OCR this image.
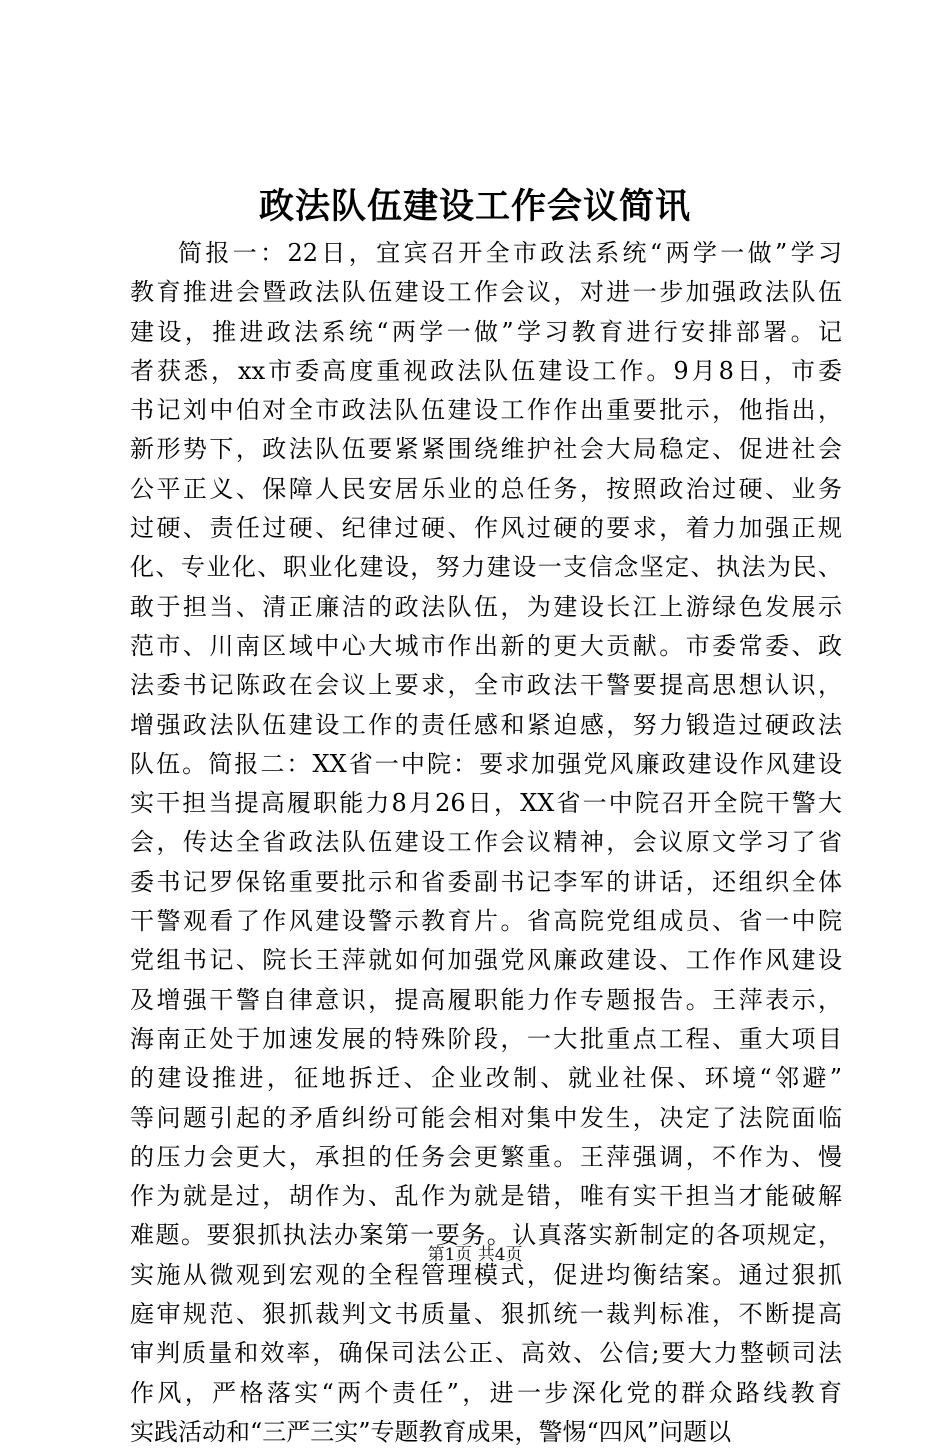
政法队伍建设工作会议简讯
简报一：22日，宜宾召开全市政法系统“两学一做”学习
教育推进会暨政法队伍建设工作会议，对进一步加强政法队伍
建设，推进政法系统“两学一做”学习教育进行安排部署。记
者获悉，xx市委高度重视政法队伍建设工作。9月8日，市委
书记刘中伯对全市政法队伍建设工作作出重要批示，他指出，
新形势下，政法队伍要紧紧围绕维护社会大局稳定、促进社会
公平正义、保障人民安居乐业的总任务，按照政治过硬、业务
过硬、责任过硬、纪律过硬、作风过硬的要求，着力加强正规
化、专业化、职业化建设，努力建设一支信念坚定、执法为民、
敢于担当、清正廉洁的政法队伍，为建设长江上游绿色发展示
范市、川南区域中心大城市作出新的更大贡献。市委常委、政
法委书记陈政在会议上要求，全市政法干警要提高思想认识，
增强政法队伍建设工作的责任感和紧迫感，努力锻造过硬政法
队伍。简报二：XX省一中院：要求加强党风廉政建设作风建设
实干担当提高履职能力8月26日，XX省一中院召开全院干警大
会，传达全省政法队伍建设工作会议精神，会议原文学习了省
委书记罗保铭重要批示和省委副书记李军的讲话，还组织全体
干警观看了作风建设警示教育片。省高院党组成员、省一中院
党组书记、院长王萍就如何加强党风廉政建设、工作作风建设
及增强干警自律意识，提高履职能力作专题报告。王萍表示，
海南正处于加速发展的特殊阶段，一大批重点工程、重大项目
的建设推进，征地拆迁、企业改制、就业社保、环境“邻避”
等问题引起的矛盾纠纷可能会相对集中发生，决定了法院面临
的压力会更大，承担的任务会更繁重。王萍强调，不作为、慢
作为就是过，胡作为、乱作为就是错，唯有实干担当才能破解
难题。要狠抓执法办案第一要务。认真落实新制定的各项规定，
实施从微观到宏观的全程管理模式，促进均衡结案。通过狠抓
庭审规范、狠抓裁判文书质量、狠抓统一裁判标准，不断提高
审判质量和效率，确保司法公正、高效、公信;要大力整顿司法
作风，严格落实“两个责任”，进一步深化党的群众路线教育
实践活动和“三严三实”专题教育成果，警惕“四风”问题以
第1页 共4页
